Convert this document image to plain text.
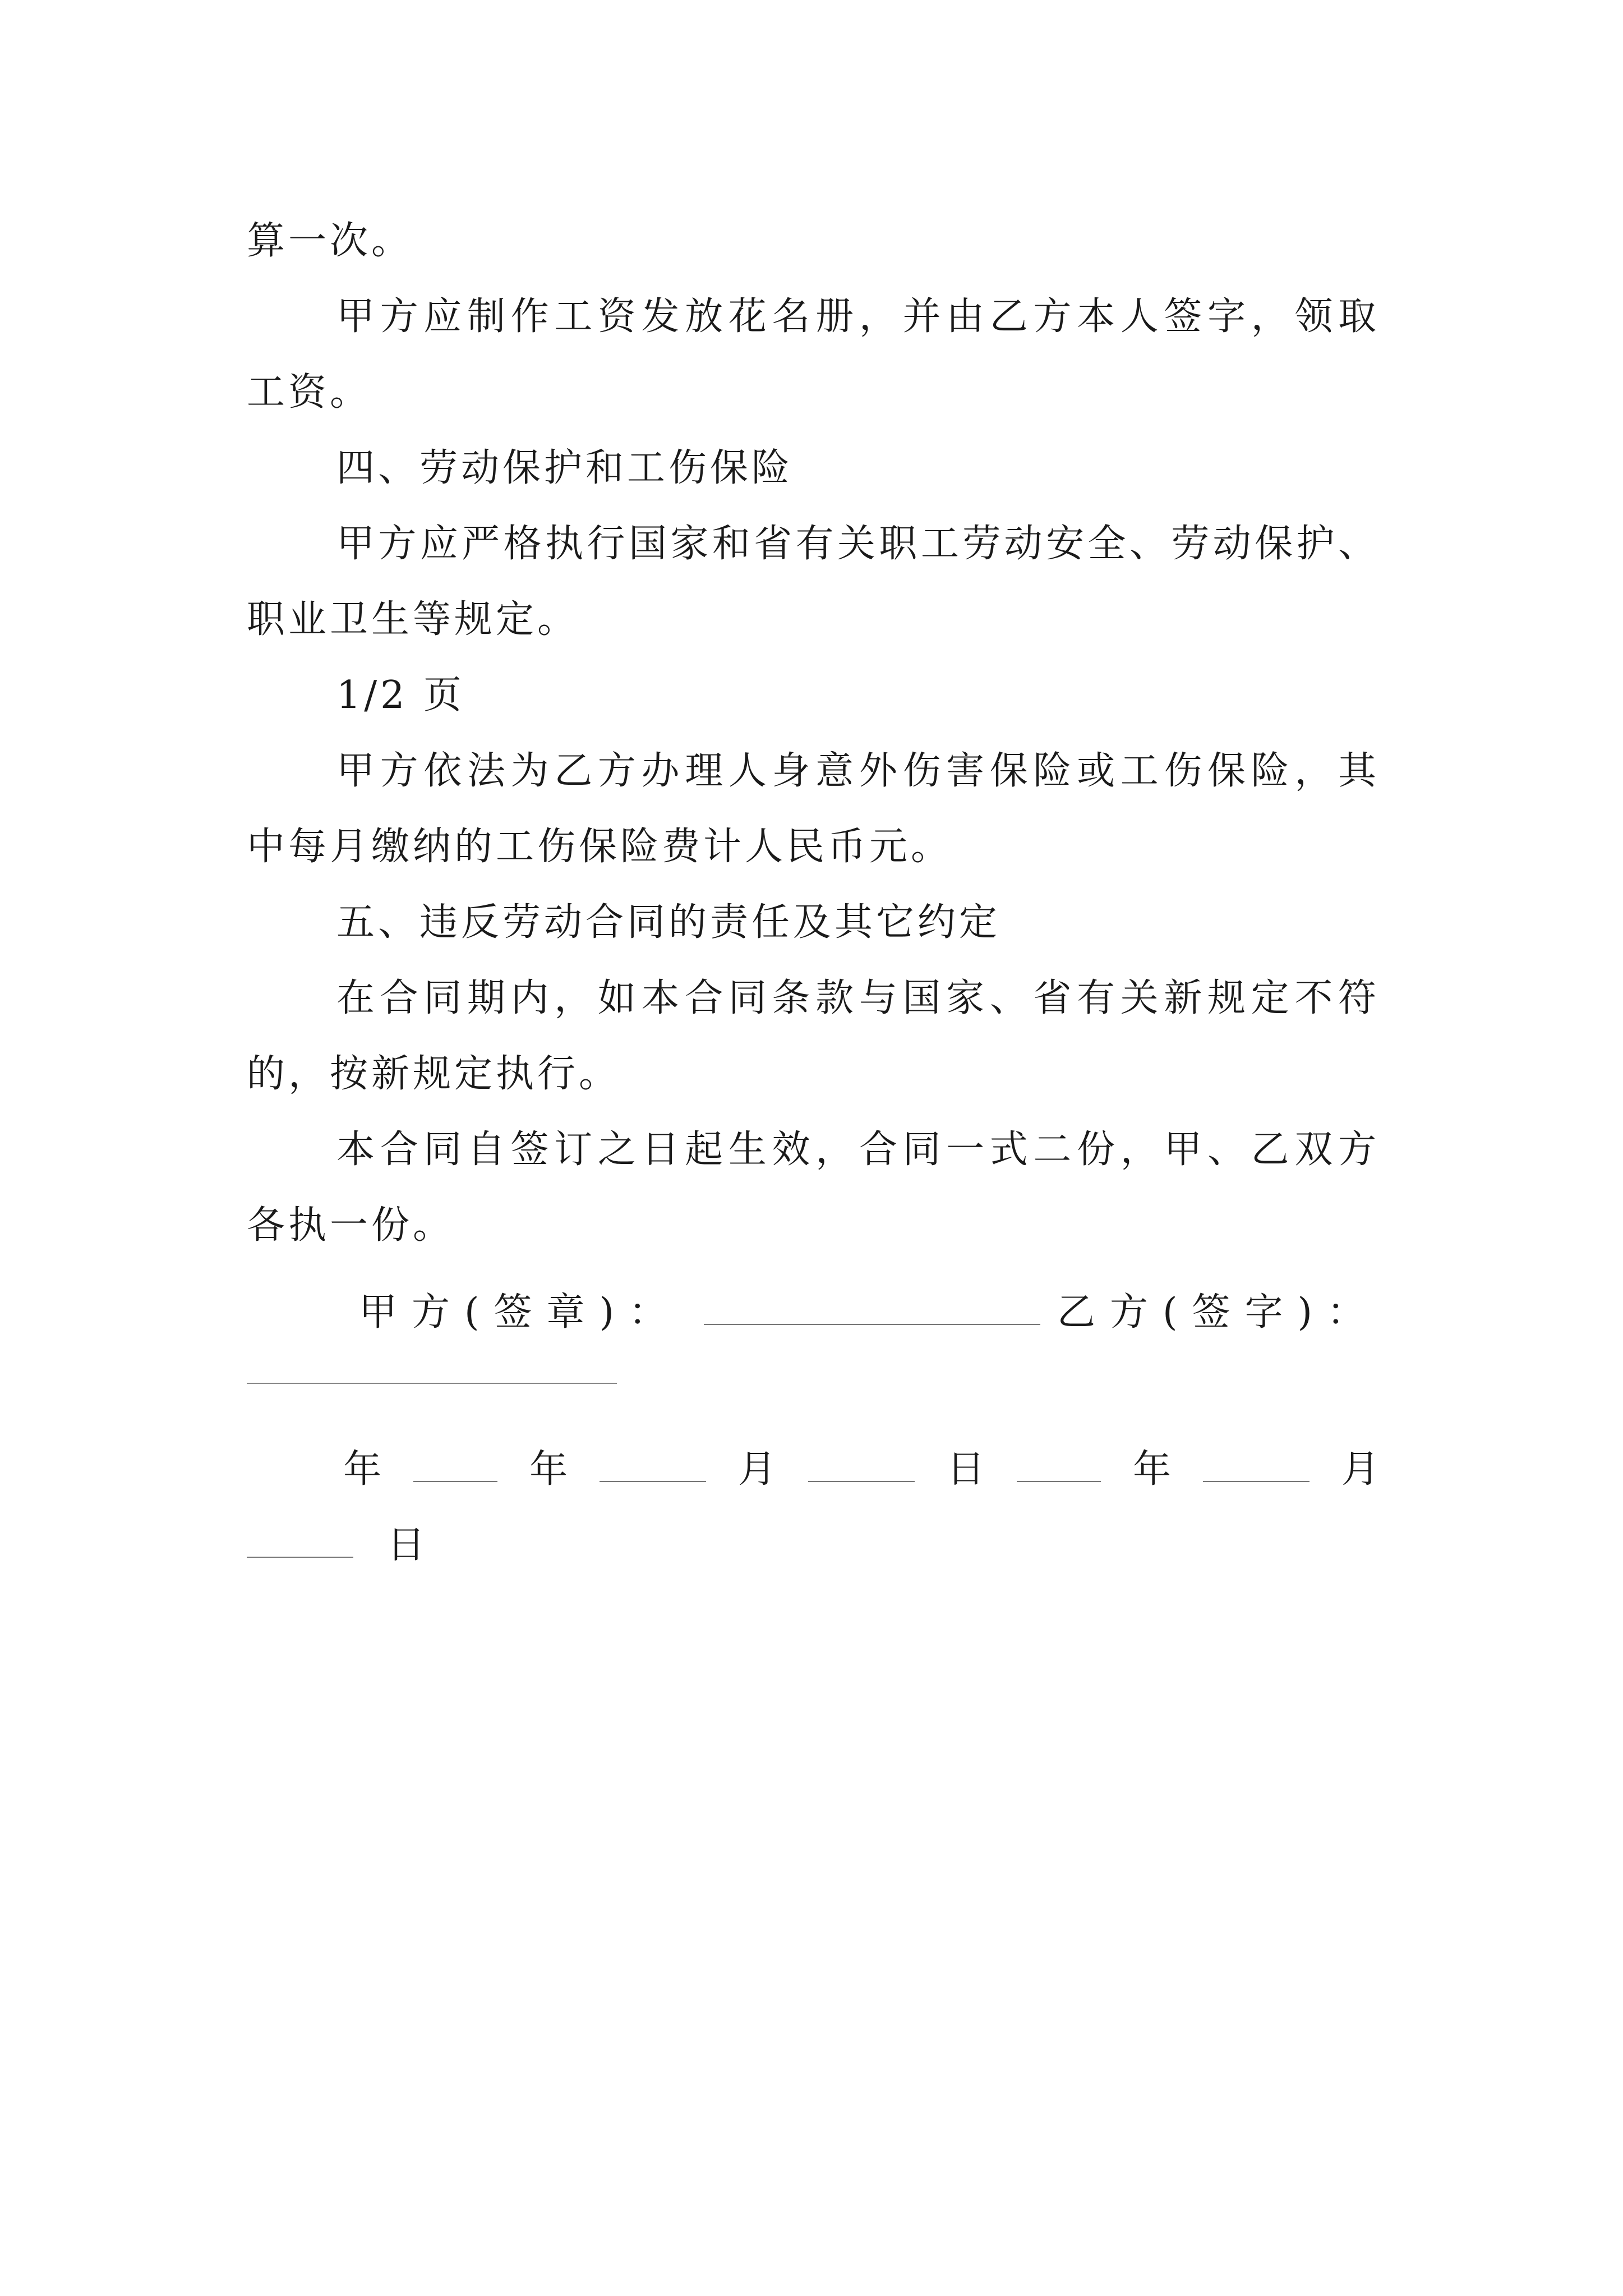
算一次。
甲方应制作工资发放花名册，并由乙方本人签字，领取
工资。
四、劳动保护和工伤保险
甲方应严格执行国家和省有关职工劳动安全、劳动保护、
职业卫生等规定。
1/2 页
甲方依法为乙方办理人身意外伤害保险或工伤保险，其
中每月缴纳的工伤保险费计人民币元。
五、违反劳动合同的责任及其它约定
在合同期内，如本合同条款与国家、省有关新规定不符
的，按新规定执行。
本合同自签订之日起生效，合同一式二份，甲、乙双方
各执一份。
甲方(签章)：	乙方(签字)：
年	年	月	日	年	月
日
